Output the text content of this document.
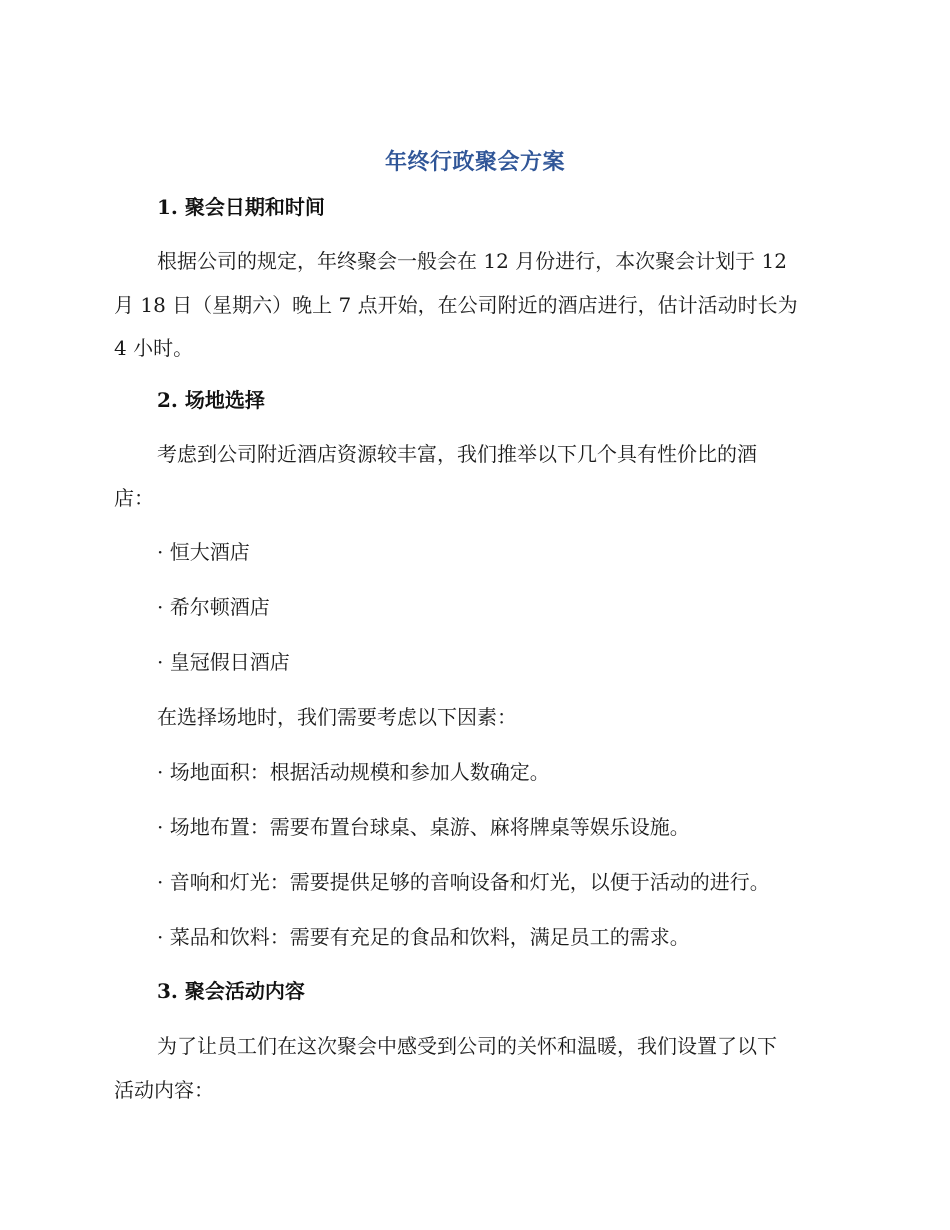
年终行政聚会方案
1. 聚会日期和时间
根据公司的规定，年终聚会一般会在 12 月份进行，本次聚会计划于 12
月 18 日（星期六）晚上 7 点开始，在公司附近的酒店进行，估计活动时长为
4 小时。
2. 场地选择
考虑到公司附近酒店资源较丰富，我们推举以下几个具有性价比的酒
店：
· 恒大酒店
· 希尔顿酒店
· 皇冠假日酒店
在选择场地时，我们需要考虑以下因素：
· 场地面积：根据活动规模和参加人数确定。
· 场地布置：需要布置台球桌、桌游、麻将牌桌等娱乐设施。
· 音响和灯光：需要提供足够的音响设备和灯光，以便于活动的进行。
· 菜品和饮料：需要有充足的食品和饮料，满足员工的需求。
3. 聚会活动内容
为了让员工们在这次聚会中感受到公司的关怀和温暖，我们设置了以下
活动内容：
